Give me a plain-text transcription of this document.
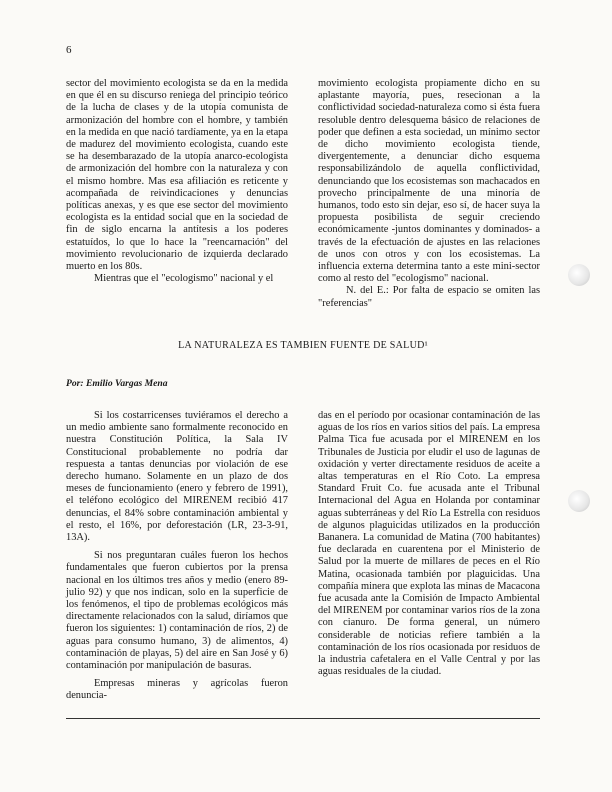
6

sector del movimiento ecologista se da en la medida en que él en su discurso reniega del principio teórico de la lucha de clases y de la utopía comunista de armonización del hombre con el hombre, y también en la medida en que nació tardíamente, ya en la etapa de madurez del movimiento ecologista, cuando este se ha desembarazado de la utopía anarco-ecologista de armonización del hombre con la naturaleza y con el mismo hombre. Mas esa afiliación es reticente y acompañada de reivindicaciones y denuncias políticas anexas, y es que ese sector del movimiento ecologista es la entidad social que en la sociedad de fin de siglo encarna la antítesis a los poderes estatuídos, lo que lo hace la "reencarnación" del movimiento revolucionario de izquierda declarado muerto en los 80s.

Mientras que el "ecologismo" nacional y el

movimiento ecologista propiamente dicho en su aplastante mayoría, pues, resecionan a la conflictividad sociedad-naturaleza como si ésta fuera resoluble dentro delesquema básico de relaciones de poder que definen a esta sociedad, un mínimo sector de dicho movimiento ecologista tiende, divergentemente, a denunciar dicho esquema responsabilizándolo de aquella conflictividad, denunciando que los ecosistemas son machacados en provecho principalmente de una minoría de humanos, todo esto sin dejar, eso sí, de hacer suya la propuesta posibilista de seguir creciendo económicamente -juntos dominantes y dominados- a través de la efectuación de ajustes en las relaciones de unos con otros y con los ecosistemas. La influencia externa determina tanto a este mini-sector como al resto del "ecologismo" nacional.

N. del E.: Por falta de espacio se omiten las "referencias"

LA NATURALEZA ES TAMBIEN FUENTE DE SALUD¹
Por: Emilio Vargas Mena

Si los costarricenses tuviéramos el derecho a un medio ambiente sano formalmente reconocido en nuestra Constitución Política, la Sala IV Constitucional probablemente no podría dar respuesta a tantas denuncias por violación de ese derecho humano. Solamente en un plazo de dos meses de funcionamiento (enero y febrero de 1991), el teléfono ecológico del MIRENEM recibió 417 denuncias, el 84% sobre contaminación ambiental y el resto, el 16%, por deforestación (LR, 23-3-91, 13A).

Si nos preguntaran cuáles fueron los hechos fundamentales que fueron cubiertos por la prensa nacional en los últimos tres años y medio (enero 89-julio 92) y que nos indican, solo en la superficie de los fenómenos, el tipo de problemas ecológicos más directamente relacionados con la salud, diríamos que fueron los siguientes: 1) contaminación de ríos, 2) de aguas para consumo humano, 3) de alimentos, 4) contaminación de playas, 5) del aire en San José y 6) contaminación por manipulación de basuras.

Empresas mineras y agrícolas fueron denuncia-

das en el período por ocasionar contaminación de las aguas de los ríos en varios sitios del país. La empresa Palma Tica fue acusada por el MIRENEM en los Tribunales de Justicia por eludir el uso de lagunas de oxidación y verter directamente residuos de aceite a altas temperaturas en el Río Coto. La empresa Standard Fruit Co. fue acusada ante el Tribunal Internacional del Agua en Holanda por contaminar aguas subterráneas y del Río La Estrella con residuos de algunos plaguicidas utilizados en la producción Bananera. La comunidad de Matina (700 habitantes) fue declarada en cuarentena por el Ministerio de Salud por la muerte de millares de peces en el Río Matina, ocasionada también por plaguicidas. Una compañía minera que explota las minas de Macacona fue acusada ante la Comisión de Impacto Ambiental del MIRENEM por contaminar varios ríos de la zona con cianuro. De forma general, un número considerable de noticias refiere también a la contaminación de los ríos ocasionada por residuos de la industria cafetalera en el Valle Central y por las aguas residuales de la ciudad.
